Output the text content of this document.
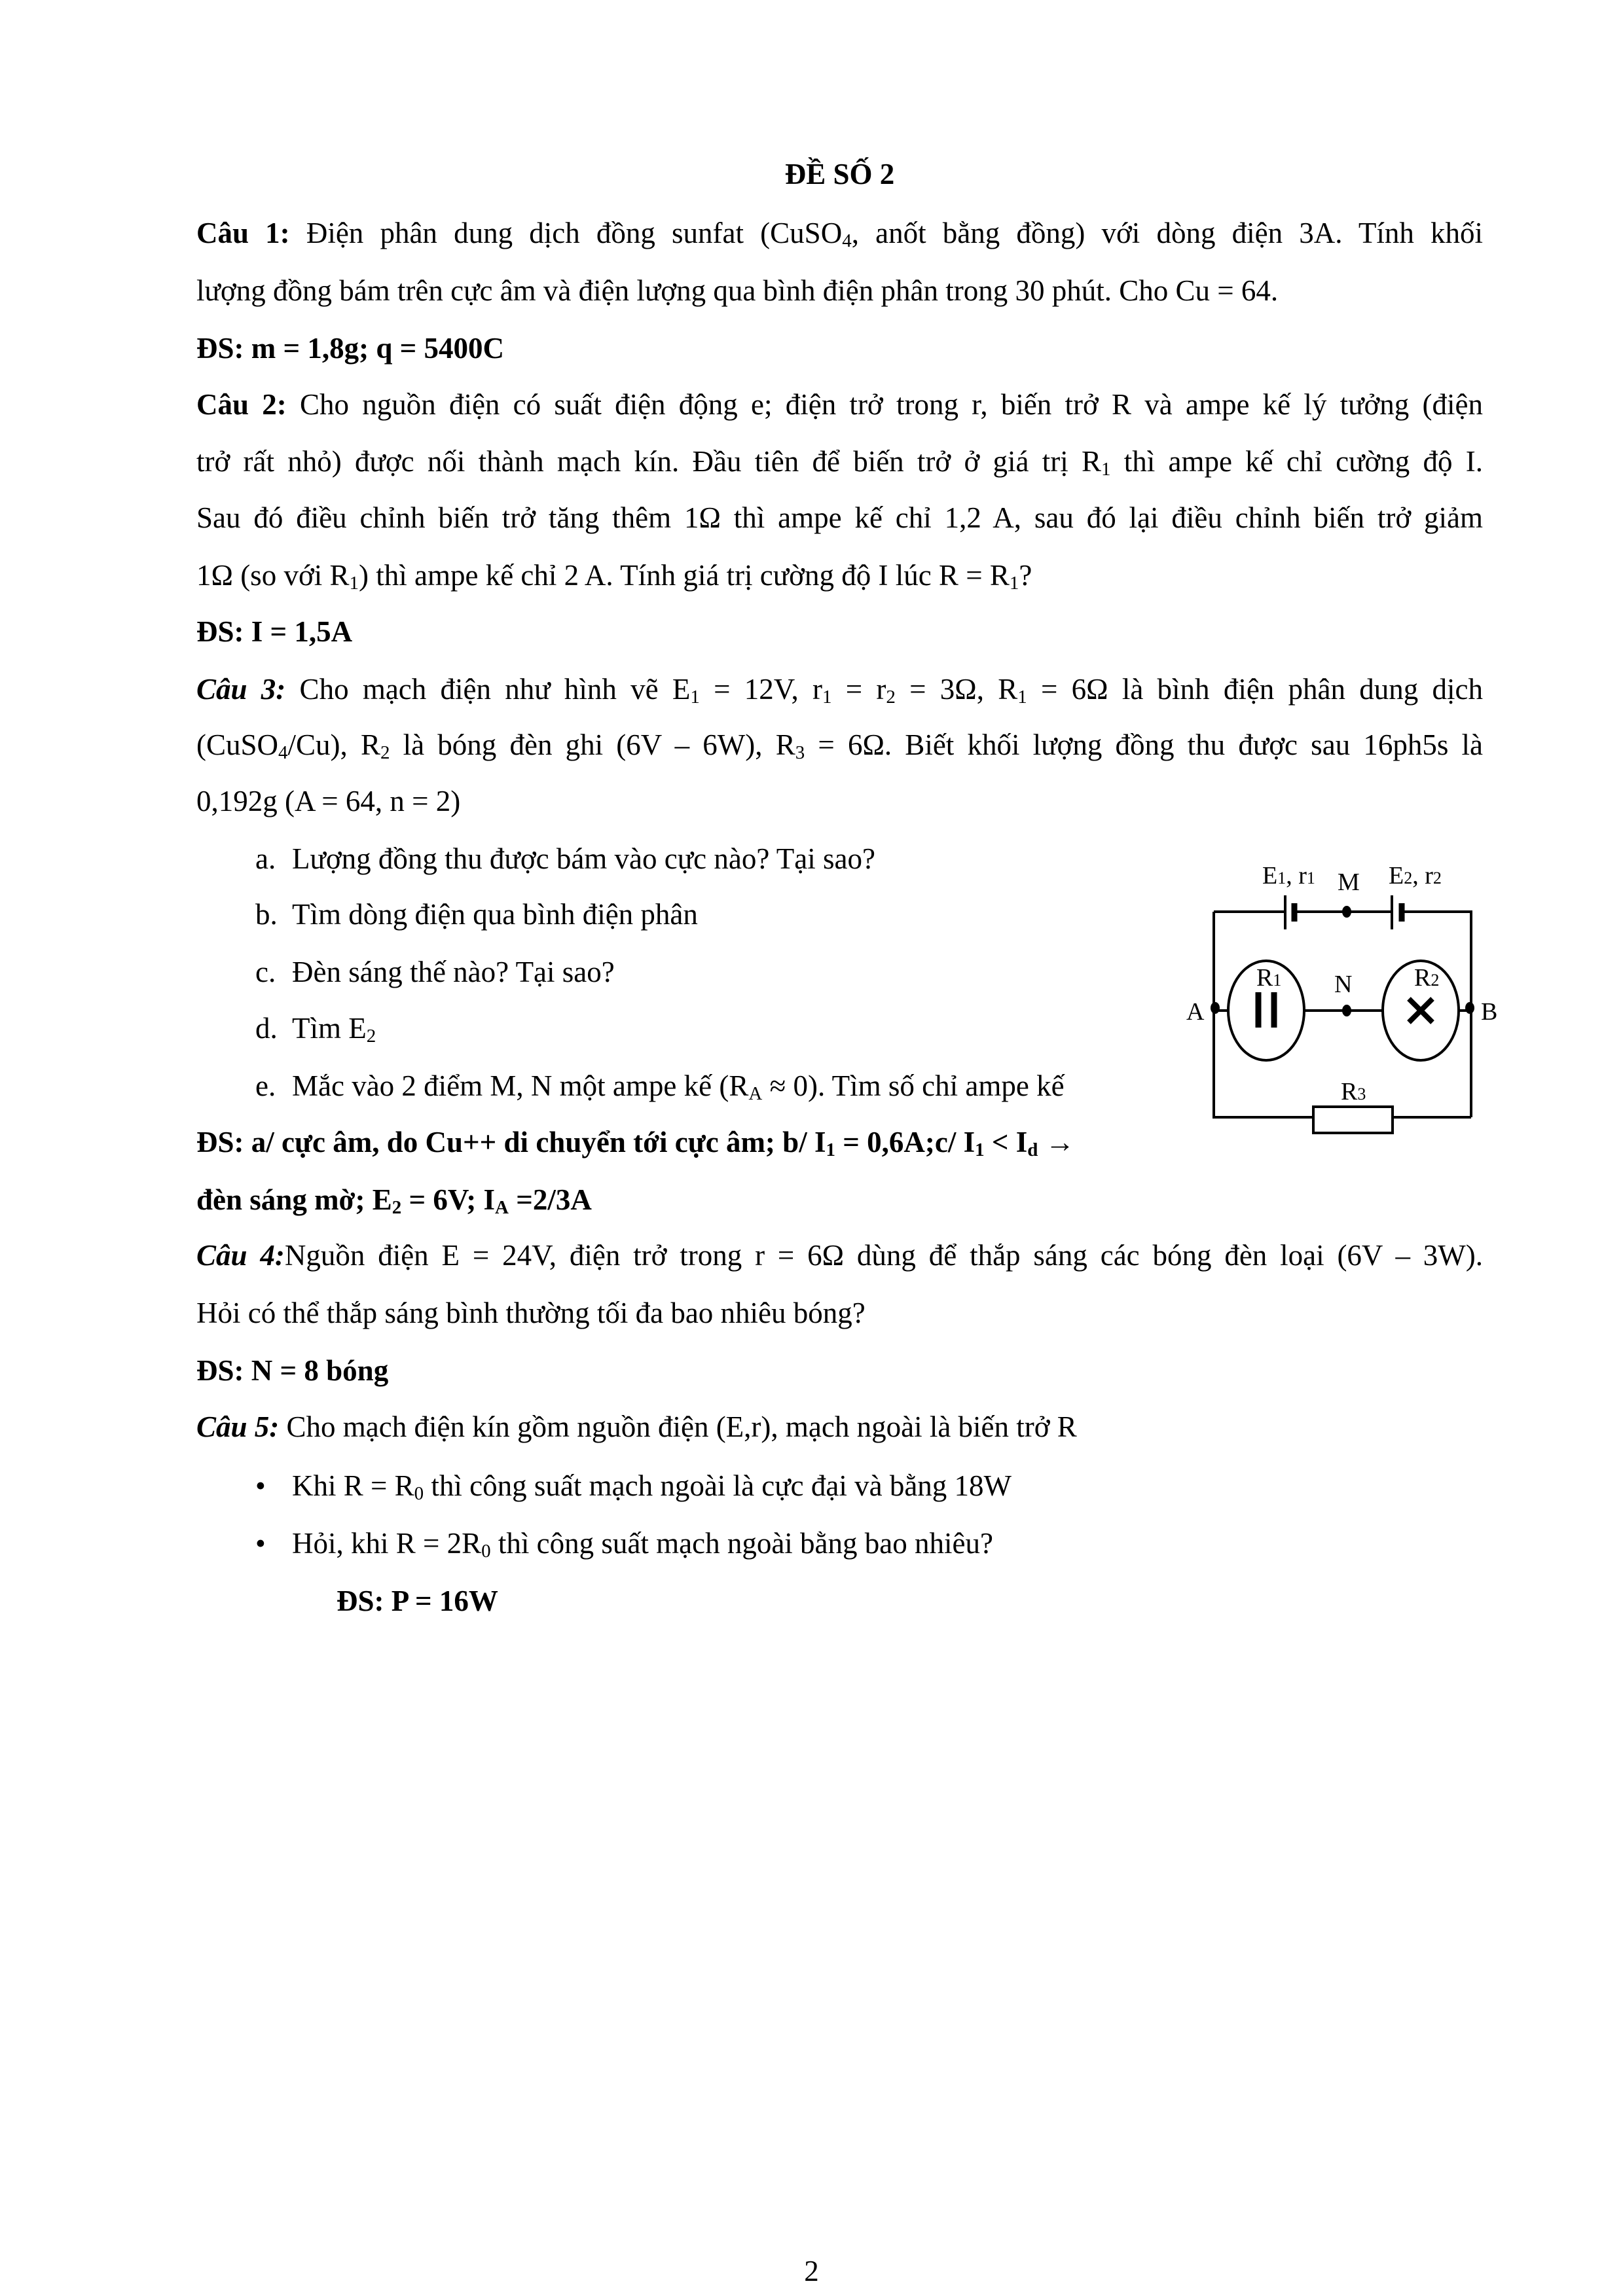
ĐỀ SỐ 2
Câu 1: Điện phân dung dịch đồng sunfat (CuSO4, anốt bằng đồng) với dòng điện 3A. Tính khối
lượng đồng bám trên cực âm và điện lượng qua bình điện phân trong 30 phút. Cho Cu = 64.
ĐS: m = 1,8g; q = 5400C
Câu 2: Cho nguồn điện có suất điện động e; điện trở trong r, biến trở R và ampe kế lý tưởng (điện
trở rất nhỏ) được nối thành mạch kín. Đầu tiên để biến trở ở giá trị R1 thì ampe kế chỉ cường độ I.
Sau đó điều chỉnh biến trở tăng thêm 1Ω thì ampe kế chỉ 1,2 A, sau đó lại điều chỉnh biến trở giảm
1Ω (so với R1) thì ampe kế chỉ 2 A. Tính giá trị cường độ I lúc R = R1?
ĐS: I = 1,5A
Câu 3: Cho mạch điện như hình vẽ E1 = 12V, r1 = r2 = 3Ω, R1 = 6Ω là bình điện phân dung dịch
(CuSO4/Cu), R2 là bóng đèn ghi (6V – 6W), R3 = 6Ω. Biết khối lượng đồng thu được sau 16ph5s là
0,192g (A = 64, n = 2)
a. Lượng đồng thu được bám vào cực nào? Tại sao?
b. Tìm dòng điện qua bình điện phân
c. Đèn sáng thế nào? Tại sao?
d. Tìm E2
e. Mắc vào 2 điểm M, N một ampe kế (RA ≈ 0). Tìm số chỉ ampe kế
ĐS: a/ cực âm, do Cu++ di chuyển tới cực âm; b/ I1 = 0,6A;c/ I1 < Id →
đèn sáng mờ; E2 = 6V; IA =2/3A
Câu 4:Nguồn điện E = 24V, điện trở trong r = 6Ω dùng để thắp sáng các bóng đèn loại (6V – 3W).
Hỏi có thể thắp sáng bình thường tối đa bao nhiêu bóng?
ĐS: N = 8 bóng
Câu 5: Cho mạch điện kín gồm nguồn điện (E,r), mạch ngoài là biến trở R
• Khi R = R0 thì công suất mạch ngoài là cực đại và bằng 18W
• Hỏi, khi R = 2R0 thì công suất mạch ngoài bằng bao nhiêu?
ĐS: P = 16W
E1, r1 M E2, r2
R1 N R2
A	B
R3
2
